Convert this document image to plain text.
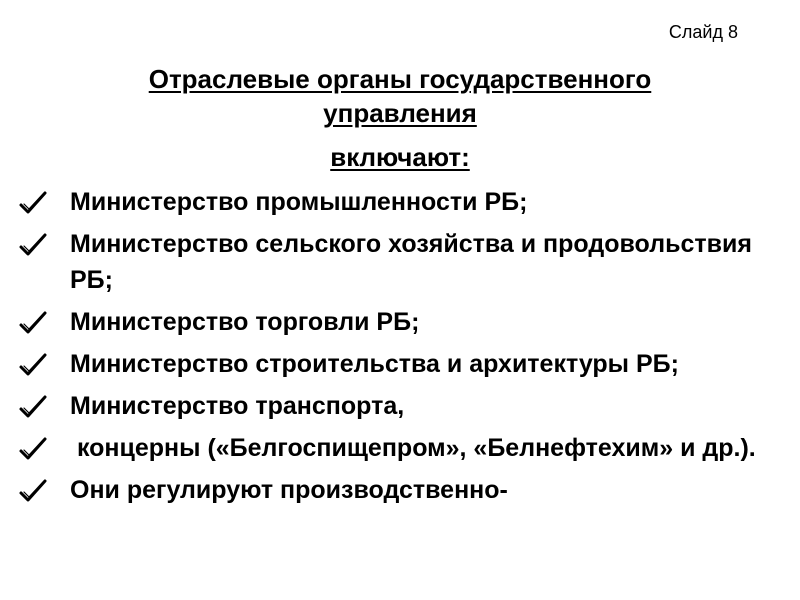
Слайд 8
Отраслевые органы государственного
управления
включают:
Министерство промышленности РБ;
Министерство сельского хозяйства и продовольствия РБ;
Министерство торговли РБ;
Министерство строительства и архитектуры РБ;
Министерство транспорта,
концерны («Белгоспищепром», «Белнефтехим» и др.).
Они регулируют производственно-
